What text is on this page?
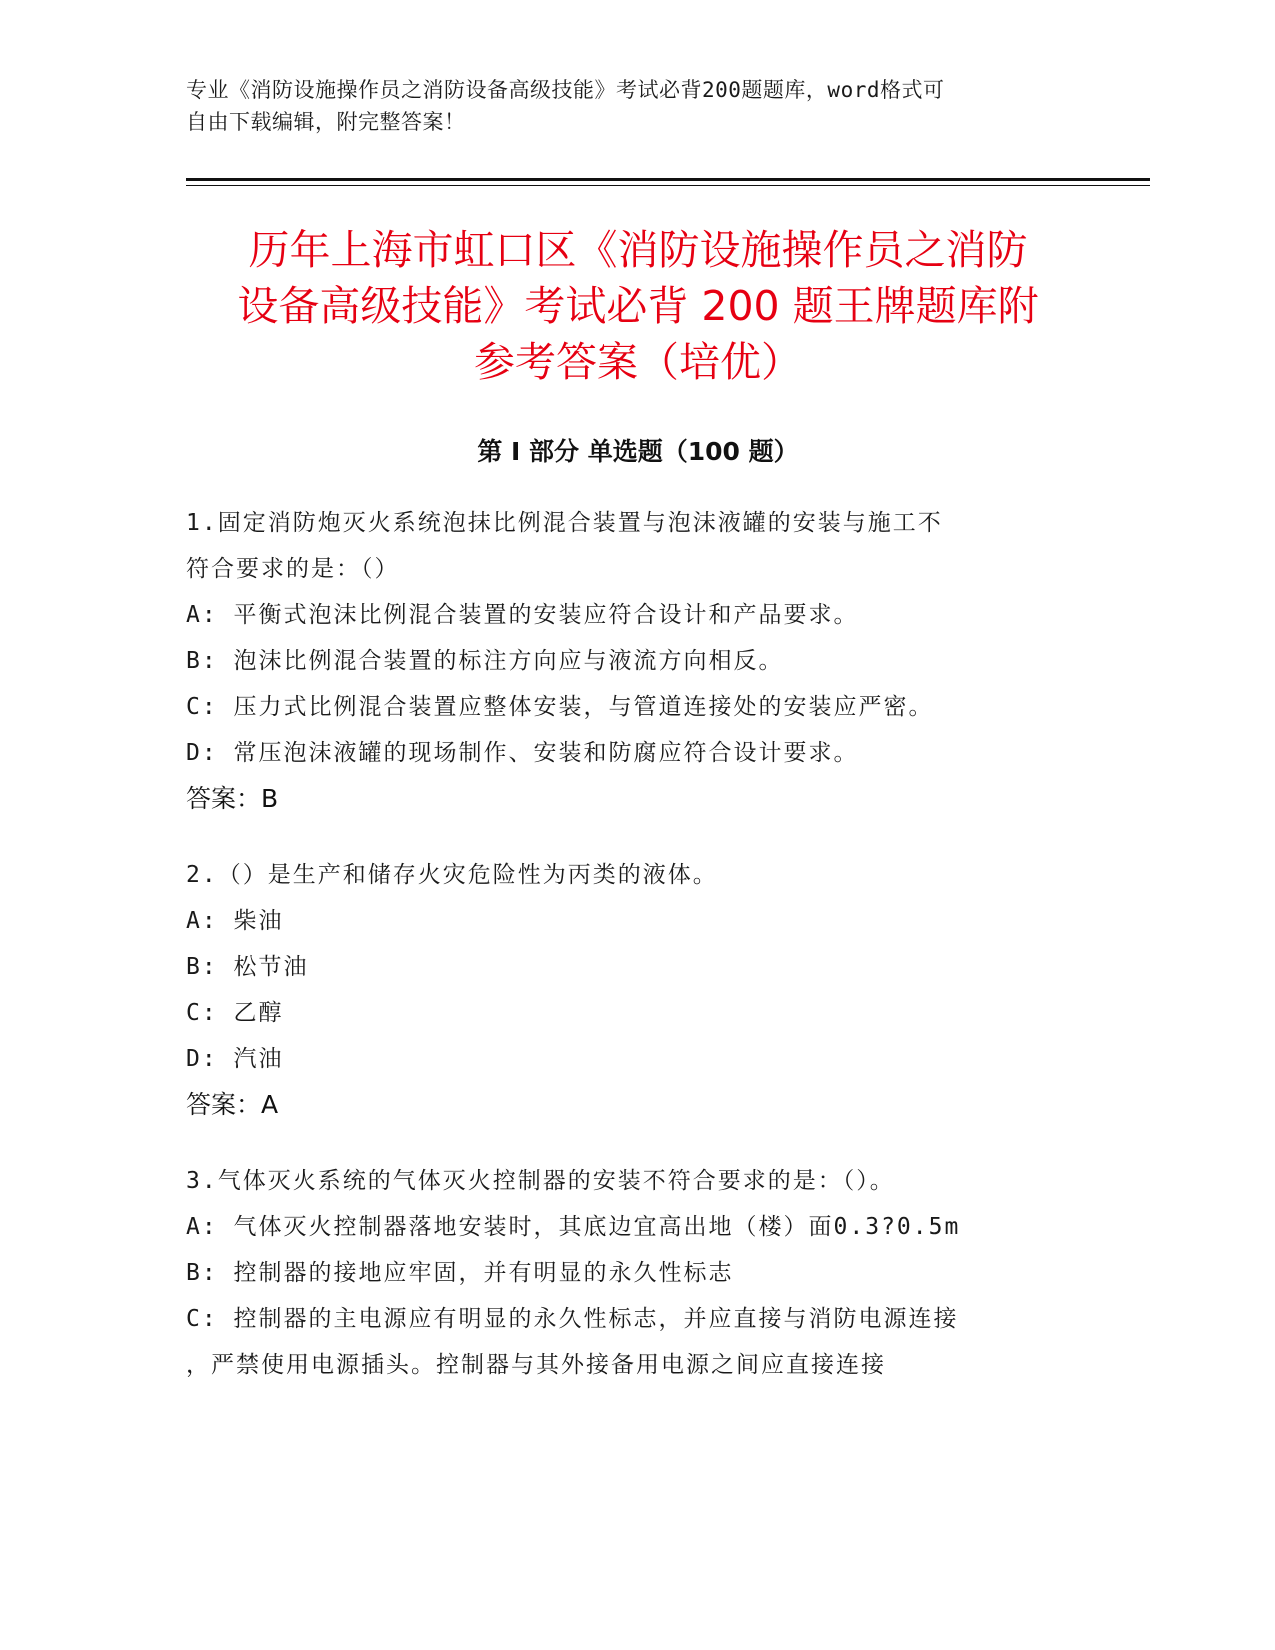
专业《消防设施操作员之消防设备高级技能》考试必背200题题库，word格式可
自由下载编辑，附完整答案！
历年上海市虹口区《消防设施操作员之消防
设备高级技能》考试必背 200 题王牌题库附
参考答案（培优）
第 I 部分 单选题（100 题）
1.固定消防炮灭火系统泡抹比例混合装置与泡沫液罐的安装与施工不
符合要求的是：（）
A: 平衡式泡沫比例混合装置的安装应符合设计和产品要求。
B: 泡沫比例混合装置的标注方向应与液流方向相反。
C: 压力式比例混合装置应整体安装，与管道连接处的安装应严密。
D: 常压泡沫液罐的现场制作、安装和防腐应符合设计要求。
答案：B
2.（）是生产和储存火灾危险性为丙类的液体。
A: 柴油
B: 松节油
C: 乙醇
D: 汽油
答案：A
3.气体灭火系统的气体灭火控制器的安装不符合要求的是：（）。
A: 气体灭火控制器落地安装时，其底边宜高出地（楼）面0.3?0.5m
B: 控制器的接地应牢固，并有明显的永久性标志
C: 控制器的主电源应有明显的永久性标志，并应直接与消防电源连接
，严禁使用电源插头。控制器与其外接备用电源之间应直接连接
